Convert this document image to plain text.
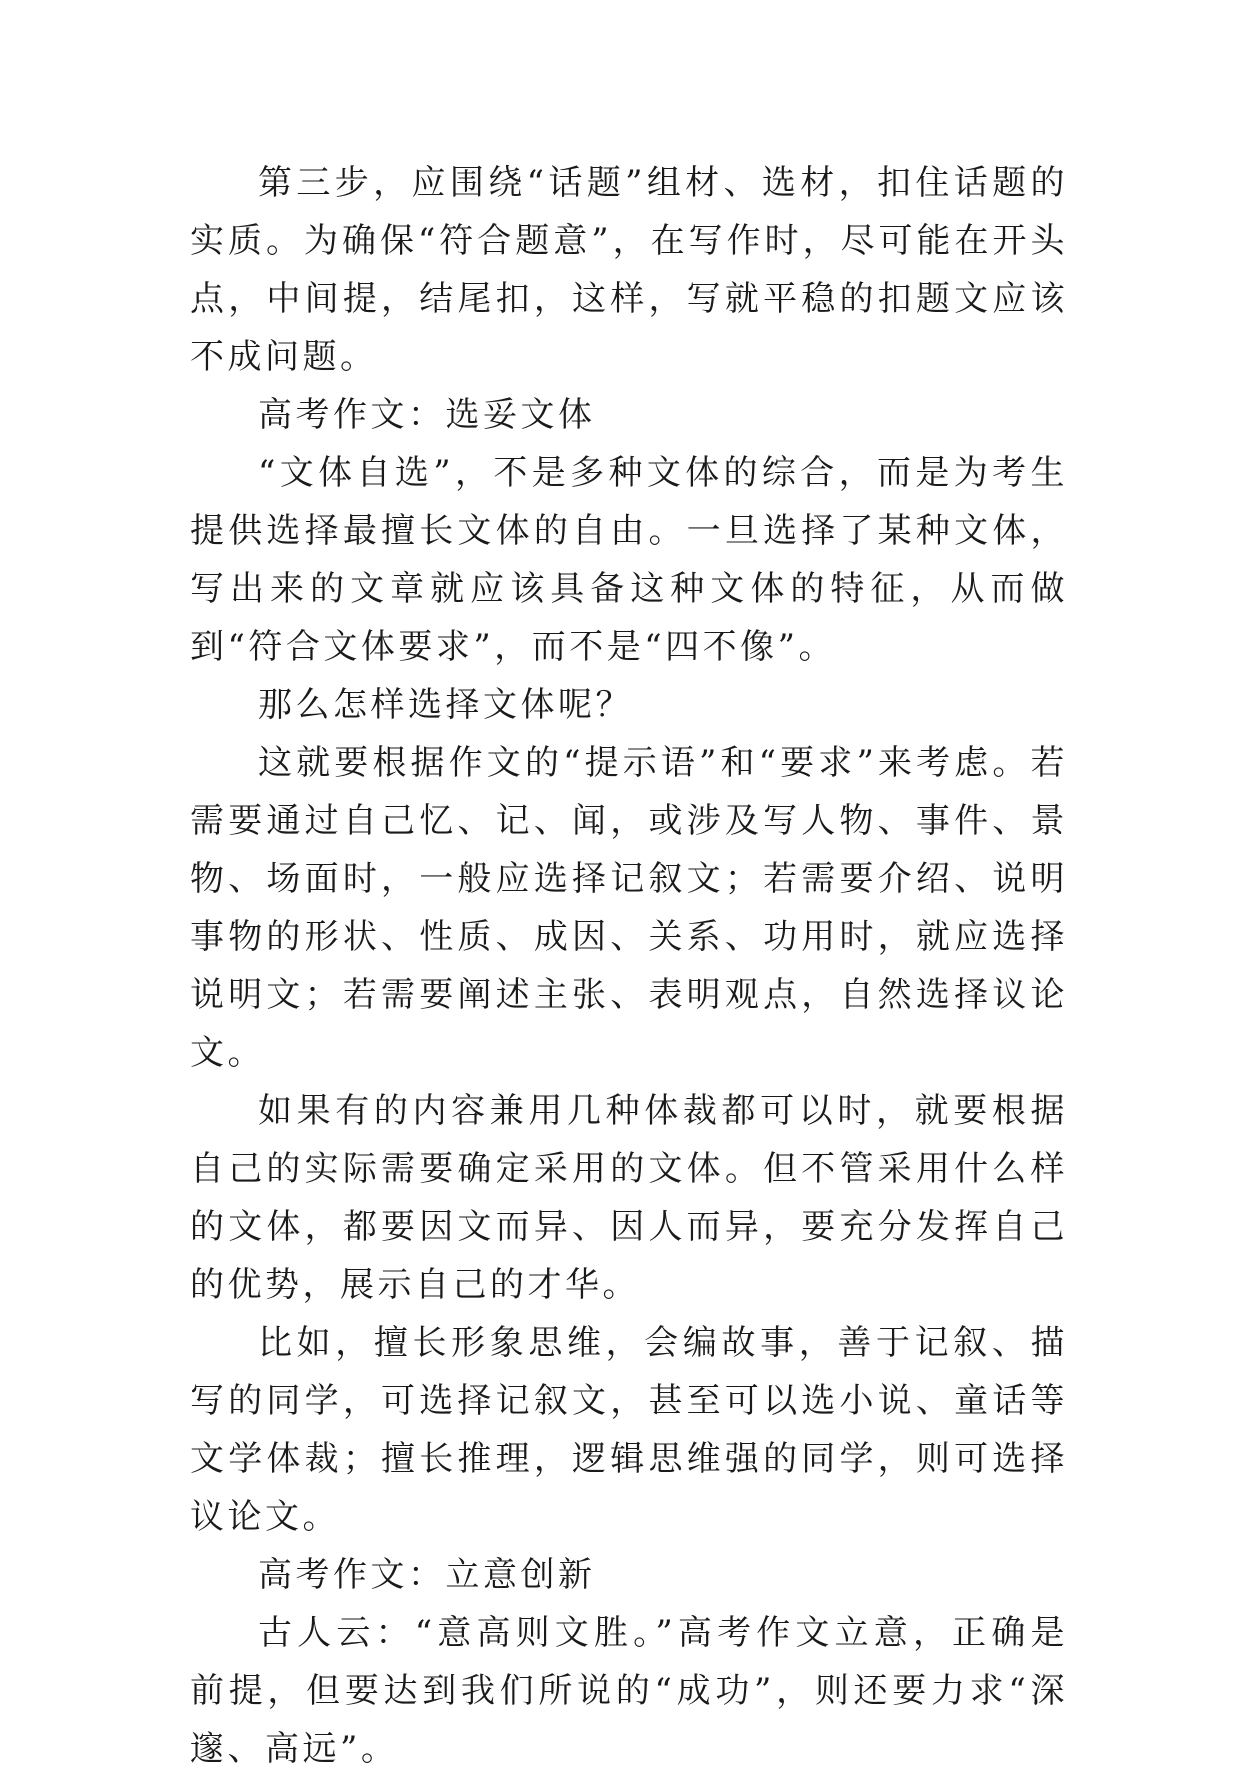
第三步，应围绕“话题”组材、选材，扣住话题的实质。为确保“符合题意”，在写作时，尽可能在开头点，中间提，结尾扣，这样，写就平稳的扣题文应该不成问题。

高考作文：选妥文体

“文体自选”，不是多种文体的综合，而是为考生提供选择最擅长文体的自由。一旦选择了某种文体，写出来的文章就应该具备这种文体的特征，从而做到“符合文体要求”，而不是“四不像”。

那么怎样选择文体呢？

这就要根据作文的“提示语”和“要求”来考虑。若需要通过自己忆、记、闻，或涉及写人物、事件、景物、场面时，一般应选择记叙文；若需要介绍、说明事物的形状、性质、成因、关系、功用时，就应选择说明文；若需要阐述主张、表明观点，自然选择议论文。

如果有的内容兼用几种体裁都可以时，就要根据自己的实际需要确定采用的文体。但不管采用什么样的文体，都要因文而异、因人而异，要充分发挥自己的优势，展示自己的才华。

比如，擅长形象思维，会编故事，善于记叙、描写的同学，可选择记叙文，甚至可以选小说、童话等文学体裁；擅长推理，逻辑思维强的同学，则可选择议论文。

高考作文：立意创新

古人云：“意高则文胜。”高考作文立意，正确是前提，但要达到我们所说的“成功”，则还要力求“深邃、高远”。
